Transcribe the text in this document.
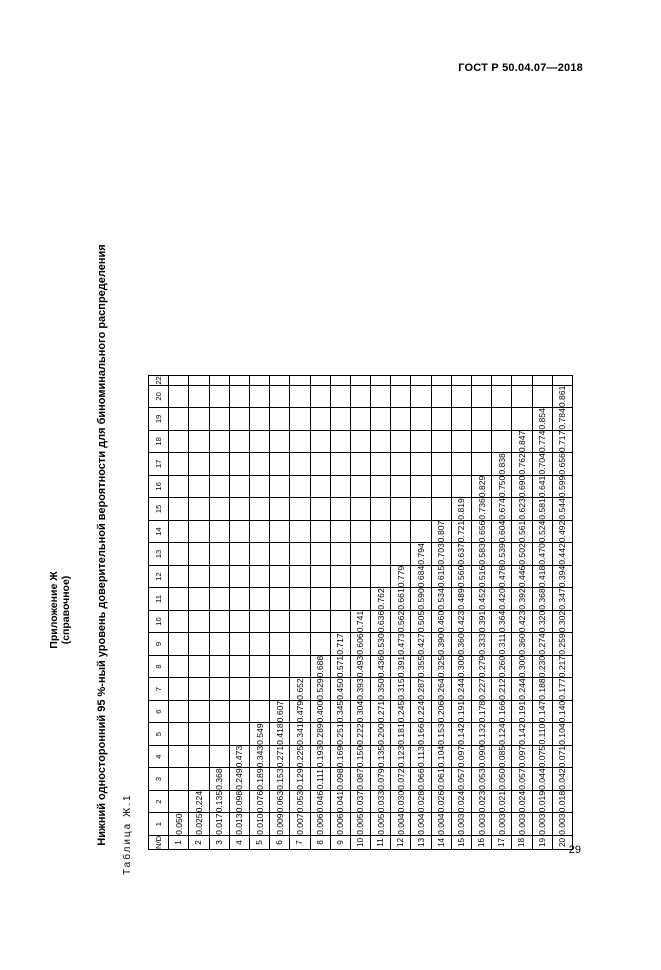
ГОСТ Р 50.04.07—2018
Приложение Ж (справочное) Нижний односторонний 95 %-ный уровень доверительной вероятности для биноминального распределения Таблица Ж.1	N/D	1	2	3	4	5	6	7	8	9	10	11	12	13	14	15	16	17	18	19	20	22
1	0.050																				
2	0.025	0.224																			
3	0.017	0.135	0.368																		
4	0.013	0.098	0.249	0.473																	
5	0.010	0.076	0.189	0.343	0.549																
6	0.009	0.063	0.153	0.271	0.418	0.607															
7	0.007	0.053	0.129	0.225	0.341	0.479	0.652														
8	0.006	0.046	0.111	0.193	0.289	0.400	0.529	0.688													
9	0.006	0.041	0.098	0.169	0.251	0.345	0.450	0.571	0.717												
10	0.005	0.037	0.087	0.150	0.222	0.304	0.393	0.493	0.606	0.741											
11	0.005	0.033	0.079	0.135	0.200	0.271	0.350	0.436	0.530	0.636	0.762										
12	0.004	0.030	0.072	0.123	0.181	0.245	0.315	0.391	0.473	0.562	0.661	0.779									
13	0.004	0.028	0.066	0.113	0.166	0.224	0.287	0.355	0.427	0.505	0.590	0.684	0.794								
14	0.004	0.026	0.061	0.104	0.153	0.206	0.264	0.325	0.390	0.460	0.534	0.615	0.703	0.807							
15	0.003	0.024	0.057	0.097	0.142	0.191	0.244	0.300	0.360	0.423	0.489	0.560	0.637	0.721	0.819						
16	0.003	0.023	0.053	0.090	0.132	0.178	0.227	0.279	0.333	0.391	0.452	0.516	0.583	0.656	0.736	0.829					
17	0.003	0.021	0.050	0.085	0.124	0.166	0.212	0.260	0.311	0.364	0.420	0.478	0.539	0.604	0.674	0.750	0.838				
18	0.003	0.024	0.057	0.097	0.142	0.191	0.244	0.300	0.360	0.423	0.392	0.446	0.502	0.561	0.623	0.690	0.762	0.847			
19	0.003	0.019	0.044	0.075	0.110	0.147	0.188	0.230	0.274	0.320	0.368	0.418	0.470	0.524	0.581	0.641	0.704	0.774	0.854		
20	0.003	0.018	0.042	0.071	0.104	0.140	0.177	0.217	0.259	0.302	0.347	0.394	0.442	0.492	0.544	0.599	0.656	0.717	0.784	0.861	
29
